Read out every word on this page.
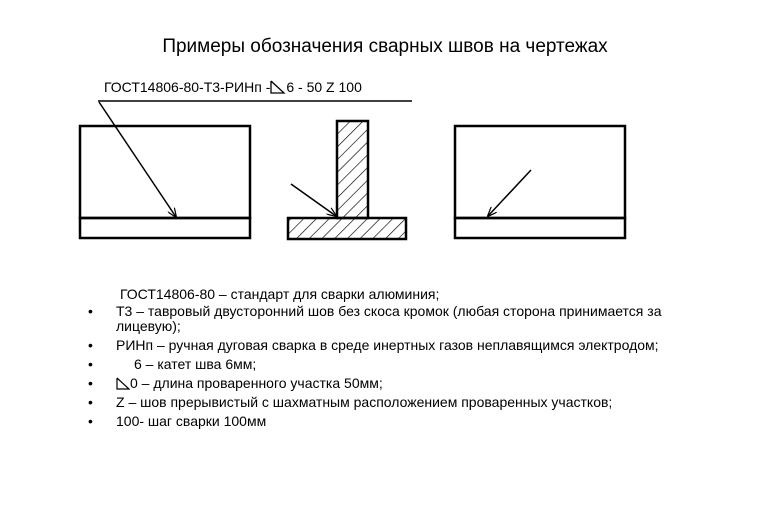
Примеры обозначения сварных швов на чертежах
ГОСТ14806-80-Т3-РИНп - 6 - 50 Z 100
ГОСТ14806-80 – стандарт для сварки алюминия;
• Т3 – тавровый двусторонний шов без скоса кромок (любая сторона принимается за лицевую);
• РИНп – ручная дуговая сварка в среде инертных газов неплавящимся электродом;
• 6 – катет шва 6мм;
• 0 – длина проваренного участка 50мм;
• Z – шов прерывистый с шахматным расположением проваренных участков;
• 100- шаг сварки 100мм
